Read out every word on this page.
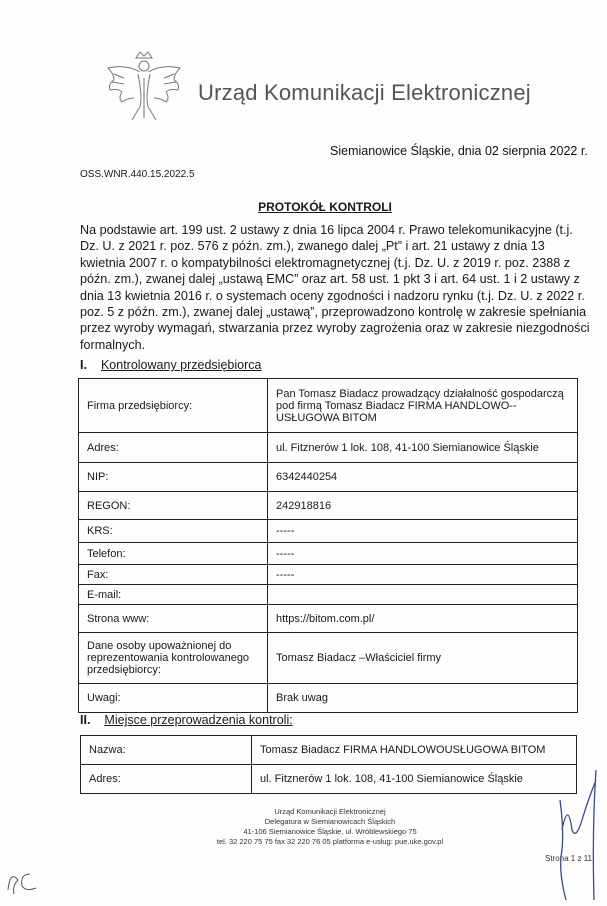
Urząd Komunikacji Elektronicznej
Siemianowice Śląskie, dnia 02 sierpnia 2022 r.
OSS.WNR.440.15.2022.5
PROTOKÓŁ KONTROLI
Na podstawie art. 199 ust. 2 ustawy z dnia 16 lipca 2004 r. Prawo telekomunikacyjne (t.j. Dz. U. z 2021 r. poz. 576 z późn. zm.), zwanego dalej „Pt” i art. 21 ustawy z dnia 13 kwietnia 2007 r. o kompatybilności elektromagnetycznej (t.j. Dz. U. z 2019 r. poz. 2388 z późn. zm.), zwanej dalej „ustawą EMC” oraz art. 58 ust. 1 pkt 3 i art. 64 ust. 1 i 2 ustawy z dnia 13 kwietnia 2016 r. o systemach oceny zgodności i nadzoru rynku (t.j. Dz. U. z 2022 r. poz. 5 z późn. zm.), zwanej dalej „ustawą”, przeprowadzono kontrolę w zakresie spełniania przez wyroby wymagań, stwarzania przez wyroby zagrożenia oraz w zakresie niezgodności formalnych.
I. Kontrolowany przedsiębiorca
Firma przedsiębiorcy:	Pan Tomasz Biadacz prowadzący działalność gospodarczą pod firmą Tomasz Biadacz FIRMA HANDLOWO-- USŁUGOWA BITOM
Adres:	ul. Fitznerów 1 lok. 108, 41-100 Siemianowice Śląskie
NIP:	6342440254
REGON:	242918816
KRS:	-----
Telefon:	-----
Fax:	-----
E-mail:	
Strona www:	https://bitom.com.pl/
Dane osoby upoważnionej do reprezentowania kontrolowanego przedsiębiorcy:	Tomasz Biadacz –Właściciel firmy
Uwagi:	Brak uwag
II. Miejsce przeprowadzenia kontroli:
Nazwa:	Tomasz Biadacz FIRMA HANDLOWOUSŁUGOWA BITOM
Adres:	ul. Fitznerów 1 lok. 108, 41-100 Siemianowice Śląskie
Urząd Komunikacji Elektronicznej
Delegatura w Siemianowicach Śląskich
41-106 Siemianowice Śląskie, ul. Wróblewskiego 75
tel. 32 220 75 75 fax 32 220 76 05 platforma e-usług: pue.uke.gov.pl
Strona 1 z 11
